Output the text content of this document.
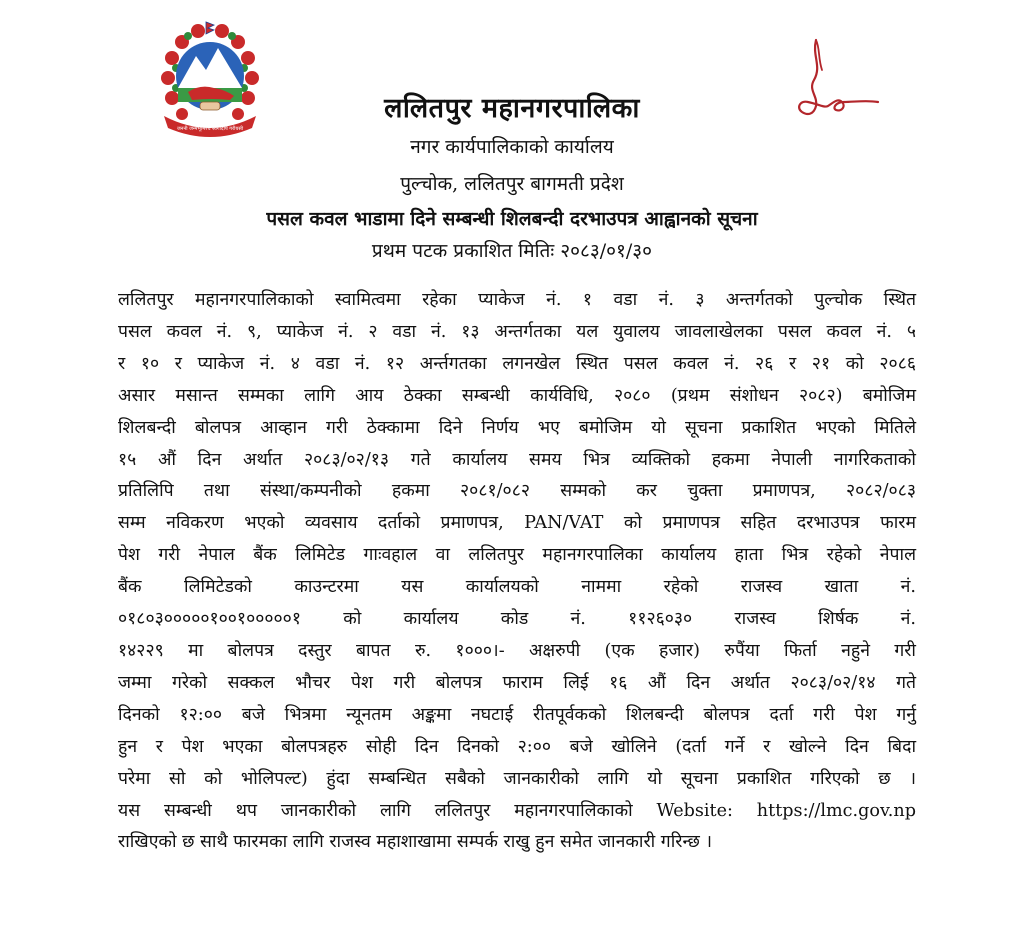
जननी जन्मभूमिश्च स्वर्गादपि गरीयसी
ललितपुर महानगरपालिका
नगर कार्यपालिकाको कार्यालय
पुल्चोक, ललितपुर बागमती प्रदेश
पसल कवल भाडामा दिने सम्बन्धी शिलबन्दी दरभाउपत्र आह्वानको सूचना
प्रथम पटक प्रकाशित मितिः २०८३/०१/३०
ललितपुर महानगरपालिकाको स्वामित्वमा रहेका प्याकेज नं. १ वडा नं. ३ अन्तर्गतको पुल्चोक स्थित
पसल कवल नं. ९, प्याकेज नं. २ वडा नं. १३ अन्तर्गतका यल युवालय जावलाखेलका पसल कवल नं. ५
र १० र प्याकेज नं. ४ वडा नं. १२ अर्न्तगतका लगनखेल स्थित पसल कवल नं. २६ र २१ को २०८६
असार मसान्त सम्मका लागि आय ठेक्का सम्बन्धी कार्यविधि, २०८० (प्रथम संशोधन २०८२) बमोजिम
शिलबन्दी बोलपत्र आव्हान गरी ठेक्कामा दिने निर्णय भए बमोजिम यो सूचना प्रकाशित भएको मितिले
१५ औं दिन अर्थात २०८३/०२/१३ गते कार्यालय समय भित्र व्यक्तिको हकमा नेपाली नागरिकताको
प्रतिलिपि तथा संस्था/कम्पनीको हकमा २०८१/०८२ सम्मको कर चुक्ता प्रमाणपत्र, २०८२/०८३
सम्म नविकरण भएको व्यवसाय दर्ताको प्रमाणपत्र, PAN/VAT को प्रमाणपत्र सहित दरभाउपत्र फारम
पेश गरी नेपाल बैंक लिमिटेड गाःवहाल वा ललितपुर महानगरपालिका कार्यालय हाता भित्र रहेको नेपाल
बैंक लिमिटेडको काउन्टरमा यस कार्यालयको नाममा रहेको राजस्व खाता नं.
०१८०३०००००१००१०००००१ को कार्यालय कोड नं. ११२६०३० राजस्व शिर्षक नं.
१४२२९ मा बोलपत्र दस्तुर बापत रु. १०००।- अक्षरुपी (एक हजार) रुपैंया फिर्ता नहुने गरी
जम्मा गरेको सक्कल भौचर पेश गरी बोलपत्र फाराम लिई १६ औं दिन अर्थात २०८३/०२/१४ गते
दिनको १२:०० बजे भित्रमा न्यूनतम अङ्कमा नघटाई रीतपूर्वकको शिलबन्दी बोलपत्र दर्ता गरी पेश गर्नु
हुन र पेश भएका बोलपत्रहरु सोही दिन दिनको २:०० बजे खोलिने (दर्ता गर्ने र खोल्ने दिन बिदा
परेमा सो को भोलिपल्ट) हुंदा सम्बन्धित सबैको जानकारीको लागि यो सूचना प्रकाशित गरिएको छ ।
यस सम्बन्धी थप जानकारीको लागि ललितपुर महानगरपालिकाको Website: https://lmc.gov.np
राखिएको छ साथै फारमका लागि राजस्व महाशाखामा सम्पर्क राखु हुन समेत जानकारी गरिन्छ ।
